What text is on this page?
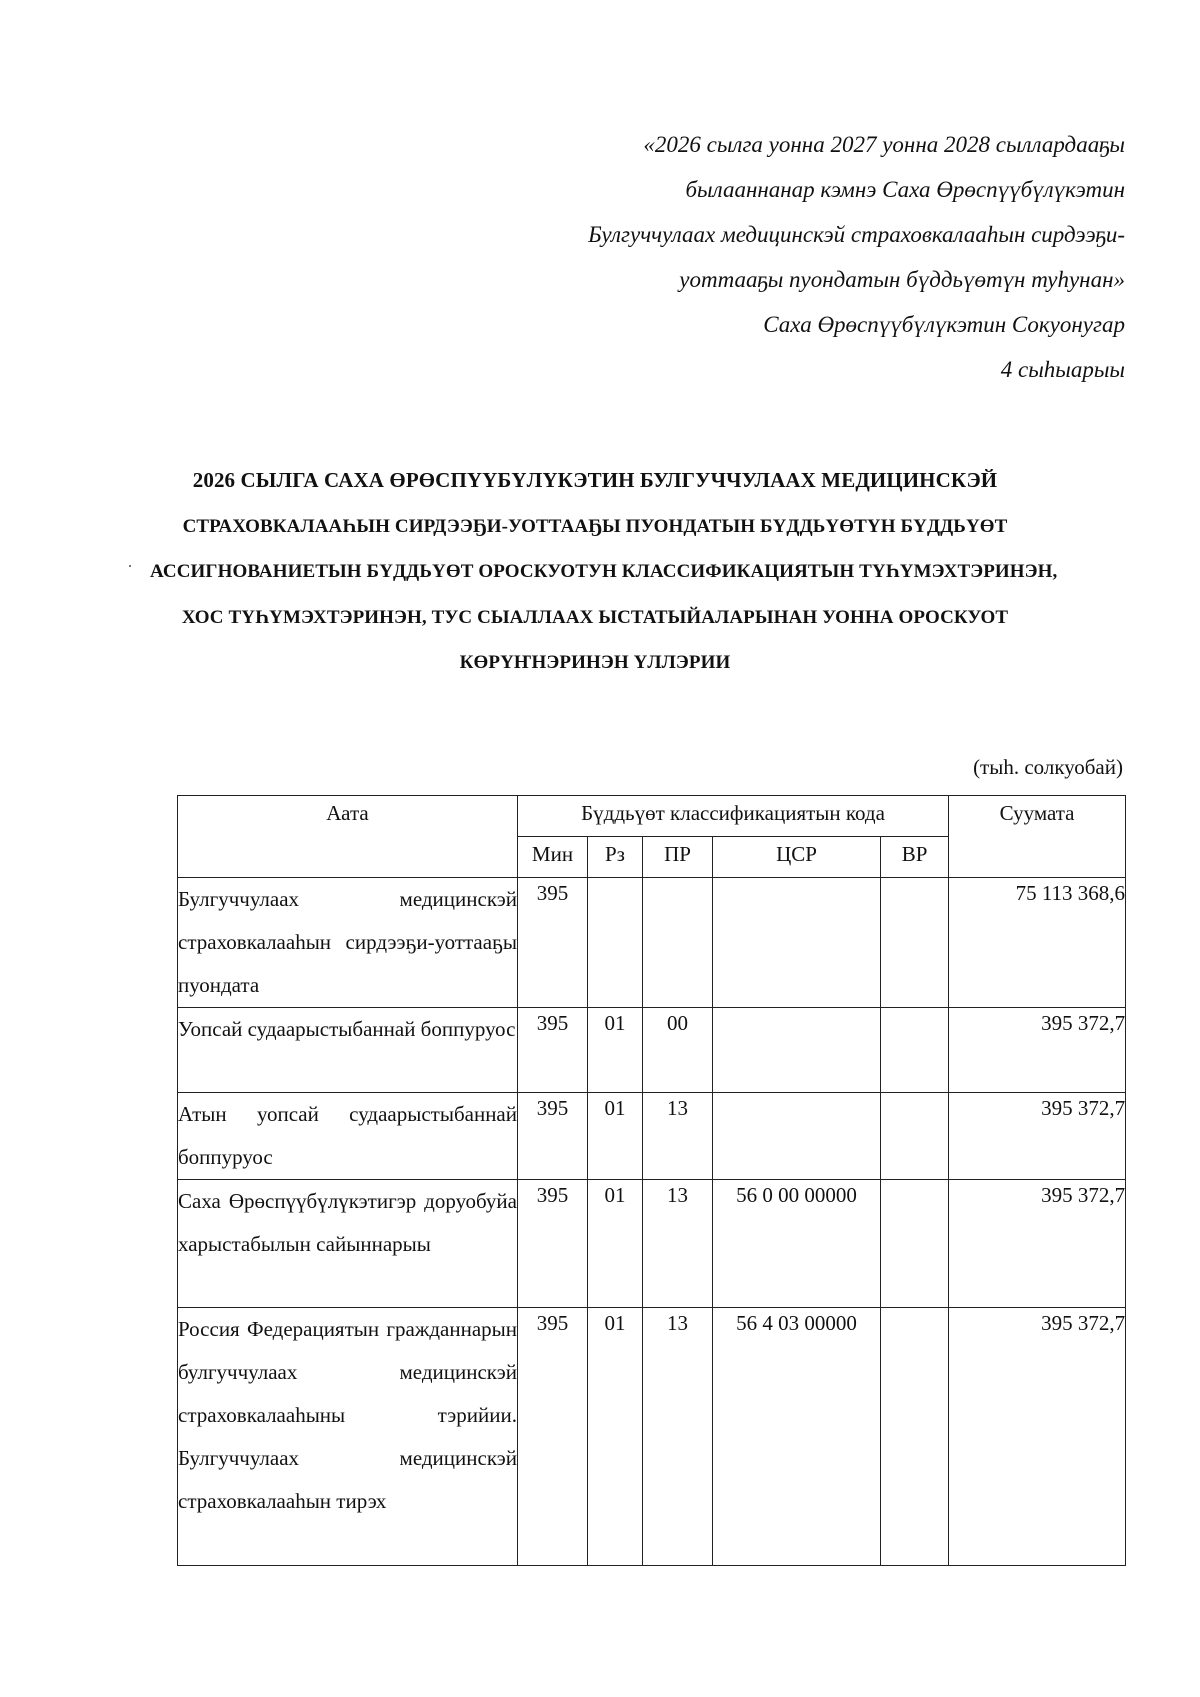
«2026 сылга уонна 2027 уонна 2028 сыллардааҕы
былааннанар кэмнэ Саха Өрөспүүбүлүкэтин
Булгуччулаах медицинскэй страховкалааһын сирдээҕи-
уоттааҕы пуондатын бүддьүөтүн туһунан»
Саха Өрөспүүбүлүкэтин Сокуонугар
4 сыһыарыы
2026 СЫЛГА САХА ӨРӨСПҮҮБҮЛҮКЭТИН БУЛГУЧЧУЛААХ МЕДИЦИНСКЭЙ
СТРАХОВКАЛААҺЫН СИРДЭЭҔИ-УОТТААҔЫ ПУОНДАТЫН БҮДДЬҮӨТҮН БҮДДЬҮӨТ
АССИГНОВАНИЕТЫН БҮДДЬҮӨТ ОРОСКУОТУН КЛАССИФИКАЦИЯТЫН ТҮҺҮМЭХТЭРИНЭН,
ХОС ТҮҺҮМЭХТЭРИНЭН, ТУС СЫАЛЛААХ ЫСТАТЫЙАЛАРЫНАН УОННА ОРОСКУОТ
КӨРҮҤНЭРИНЭН ҮЛЛЭРИИ
(тыһ. солкуобай)
Аата	Бүддьүөт классификациятын кода					Суумата
	Мин	Рз	ПР	ЦСР	ВР	
Булгуччулаах медицинскэй страховкалааһын сирдээҕи-уоттааҕы пуондата	395					75 113 368,6
Уопсай судаарыстыбаннай боппуруос	395	01	00			395 372,7
Атын уопсай судаарыстыбаннай боппуруос	395	01	13			395 372,7
Саха Өрөспүүбүлүкэтигэр доруобуйа харыстабылын сайыннарыы	395	01	13	56 0 00 00000		395 372,7
Россия Федерациятын гражданнарын булгуччулаах медицинскэй страховкалааһыны тэрийии. Булгуччулаах медицинскэй страховкалааһын тирэх	395	01	13	56 4 03 00000		395 372,7
